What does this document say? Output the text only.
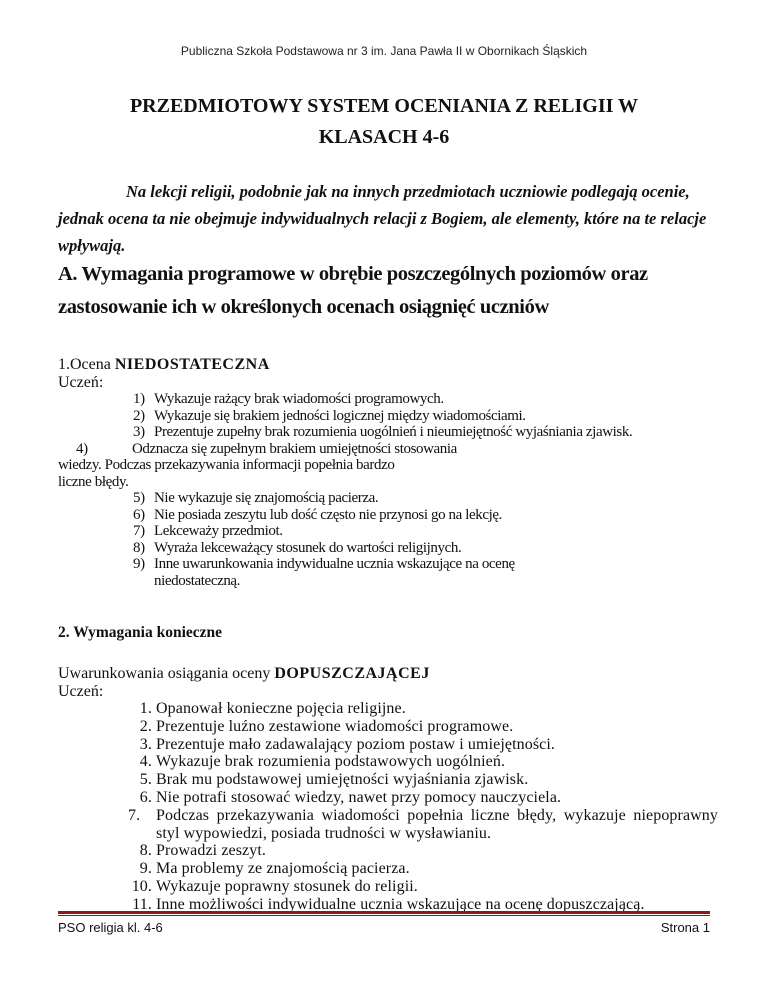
Publiczna Szkoła Podstawowa nr 3 im. Jana Pawła II w Obornikach Śląskich
PRZEDMIOTOWY SYSTEM OCENIANIA Z RELIGII W
KLASACH 4-6
Na lekcji religii, podobnie jak na innych przedmiotach uczniowie podlegają ocenie, jednak ocena ta nie obejmuje indywidualnych relacji z Bogiem, ale elementy, które na te relacje wpływają.
A. Wymagania programowe w obrębie poszczególnych poziomów oraz
zastosowanie ich w określonych ocenach osiągnięć uczniów
1.Ocena NIEDOSTATECZNA
Uczeń:
1) Wykazuje rażący brak wiadomości programowych.
2) Wykazuje się brakiem jedności logicznej między wiadomościami.
3) Prezentuje zupełny brak rozumienia uogólnień i nieumiejętność wyjaśniania zjawisk.
4)	Odznacza się zupełnym brakiem umiejętności stosowania
wiedzy. Podczas przekazywania informacji popełnia bardzo
liczne błędy.
5) Nie wykazuje się znajomością pacierza.
6) Nie posiada zeszytu lub dość często nie przynosi go na lekcję.
7) Lekceważy przedmiot.
8) Wyraża lekceważący stosunek do wartości religijnych.
9) Inne uwarunkowania indywidualne ucznia wskazujące na ocenę niedostateczną.
2. Wymagania konieczne
Uwarunkowania osiągania oceny DOPUSZCZAJĄCEJ
Uczeń:
1. Opanował konieczne pojęcia religijne.
2. Prezentuje luźno zestawione wiadomości programowe.
3. Prezentuje mało zadawalający poziom postaw i umiejętności.
4. Wykazuje brak rozumienia podstawowych uogólnień.
5. Brak mu podstawowej umiejętności wyjaśniania zjawisk.
6. Nie potrafi stosować wiedzy, nawet przy pomocy nauczyciela.
7. Podczas przekazywania wiadomości popełnia liczne błędy, wykazuje niepoprawny styl wypowiedzi, posiada trudności w wysławianiu.
8. Prowadzi zeszyt.
9. Ma problemy ze znajomością pacierza.
10. Wykazuje poprawny stosunek do religii.
11. Inne możliwości indywidualne ucznia wskazujące na ocenę dopuszczającą.
PSO religia kl. 4-6	Strona 1
